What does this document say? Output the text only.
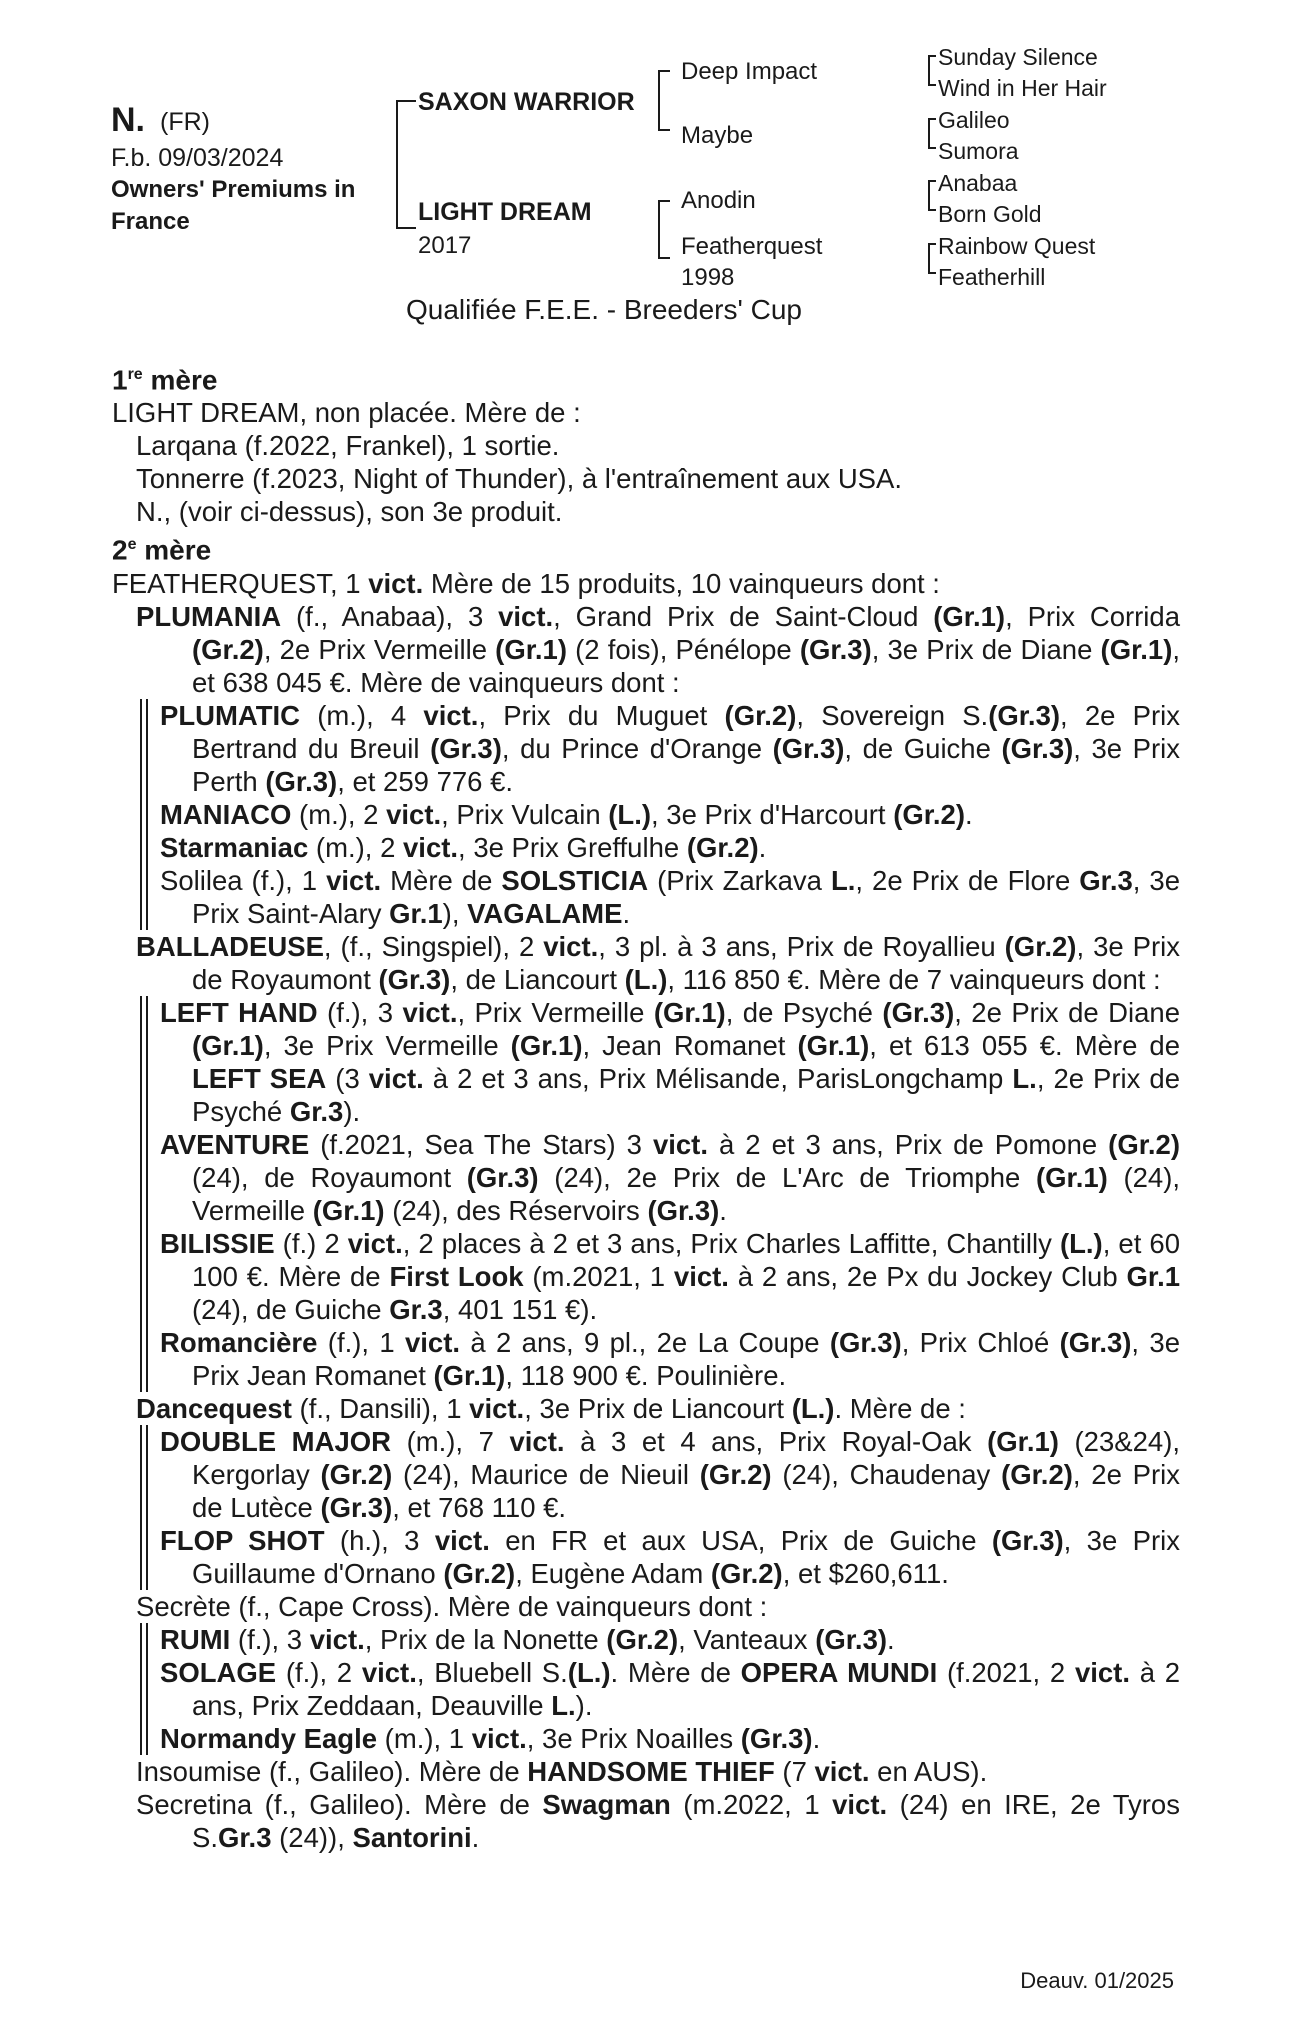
N. (FR)
F.b. 09/03/2024
Owners' Premiums in
France
SAXON WARRIOR
LIGHT DREAM
2017
Deep Impact
Maybe
Anodin
Featherquest
1998
Sunday Silence
Wind in Her Hair
Galileo
Sumora
Anabaa
Born Gold
Rainbow Quest
Featherhill
Qualifiée F.E.E. - Breeders' Cup
1re mère
LIGHT DREAM, non placée. Mère de :
Larqana (f.2022, Frankel), 1 sortie.
Tonnerre (f.2023, Night of Thunder), à l'entraînement aux USA.
N., (voir ci-dessus), son 3e produit.
2e mère
FEATHERQUEST, 1 vict. Mère de 15 produits, 10 vainqueurs dont :
PLUMANIA (f., Anabaa), 3 vict., Grand Prix de Saint-Cloud (Gr.1), Prix Corrida (Gr.2), 2e Prix Vermeille (Gr.1) (2 fois), Pénélope (Gr.3), 3e Prix de Diane (Gr.1), et 638 045 €. Mère de vainqueurs dont :
PLUMATIC (m.), 4 vict., Prix du Muguet (Gr.2), Sovereign S.(Gr.3), 2e Prix Bertrand du Breuil (Gr.3), du Prince d'Orange (Gr.3), de Guiche (Gr.3), 3e Prix Perth (Gr.3), et 259 776 €.
MANIACO (m.), 2 vict., Prix Vulcain (L.), 3e Prix d'Harcourt (Gr.2).
Starmaniac (m.), 2 vict., 3e Prix Greffulhe (Gr.2).
Solilea (f.), 1 vict. Mère de SOLSTICIA (Prix Zarkava L., 2e Prix de Flore Gr.3, 3e Prix Saint-Alary Gr.1), VAGALAME.
BALLADEUSE, (f., Singspiel), 2 vict., 3 pl. à 3 ans, Prix de Royallieu (Gr.2), 3e Prix de Royaumont (Gr.3), de Liancourt (L.), 116 850 €. Mère de 7 vainqueurs dont :
LEFT HAND (f.), 3 vict., Prix Vermeille (Gr.1), de Psyché (Gr.3), 2e Prix de Diane (Gr.1), 3e Prix Vermeille (Gr.1), Jean Romanet (Gr.1), et 613 055 €. Mère de LEFT SEA (3 vict. à 2 et 3 ans, Prix Mélisande, ParisLongchamp L., 2e Prix de Psyché Gr.3).
AVENTURE (f.2021, Sea The Stars) 3 vict. à 2 et 3 ans, Prix de Pomone (Gr.2) (24), de Royaumont (Gr.3) (24), 2e Prix de L'Arc de Triomphe (Gr.1) (24), Vermeille (Gr.1) (24), des Réservoirs (Gr.3).
BILISSIE (f.) 2 vict., 2 places à 2 et 3 ans, Prix Charles Laffitte, Chantilly (L.), et 60 100 €. Mère de First Look (m.2021, 1 vict. à 2 ans, 2e Px du Jockey Club Gr.1 (24), de Guiche Gr.3, 401 151 €).
Romancière (f.), 1 vict. à 2 ans, 9 pl., 2e La Coupe (Gr.3), Prix Chloé (Gr.3), 3e Prix Jean Romanet (Gr.1), 118 900 €. Poulinière.
Dancequest (f., Dansili), 1 vict., 3e Prix de Liancourt (L.). Mère de :
DOUBLE MAJOR (m.), 7 vict. à 3 et 4 ans, Prix Royal-Oak (Gr.1) (23&24), Kergorlay (Gr.2) (24), Maurice de Nieuil (Gr.2) (24), Chaudenay (Gr.2), 2e Prix de Lutèce (Gr.3), et 768 110 €.
FLOP SHOT (h.), 3 vict. en FR et aux USA, Prix de Guiche (Gr.3), 3e Prix Guillaume d'Ornano (Gr.2), Eugène Adam (Gr.2), et $260,611.
Secrète (f., Cape Cross). Mère de vainqueurs dont :
RUMI (f.), 3 vict., Prix de la Nonette (Gr.2), Vanteaux (Gr.3).
SOLAGE (f.), 2 vict., Bluebell S.(L.). Mère de OPERA MUNDI (f.2021, 2 vict. à 2 ans, Prix Zeddaan, Deauville L.).
Normandy Eagle (m.), 1 vict., 3e Prix Noailles (Gr.3).
Insoumise (f., Galileo). Mère de HANDSOME THIEF (7 vict. en AUS).
Secretina (f., Galileo). Mère de Swagman (m.2022, 1 vict. (24) en IRE, 2e Tyros S.Gr.3 (24)), Santorini.
Deauv. 01/2025
